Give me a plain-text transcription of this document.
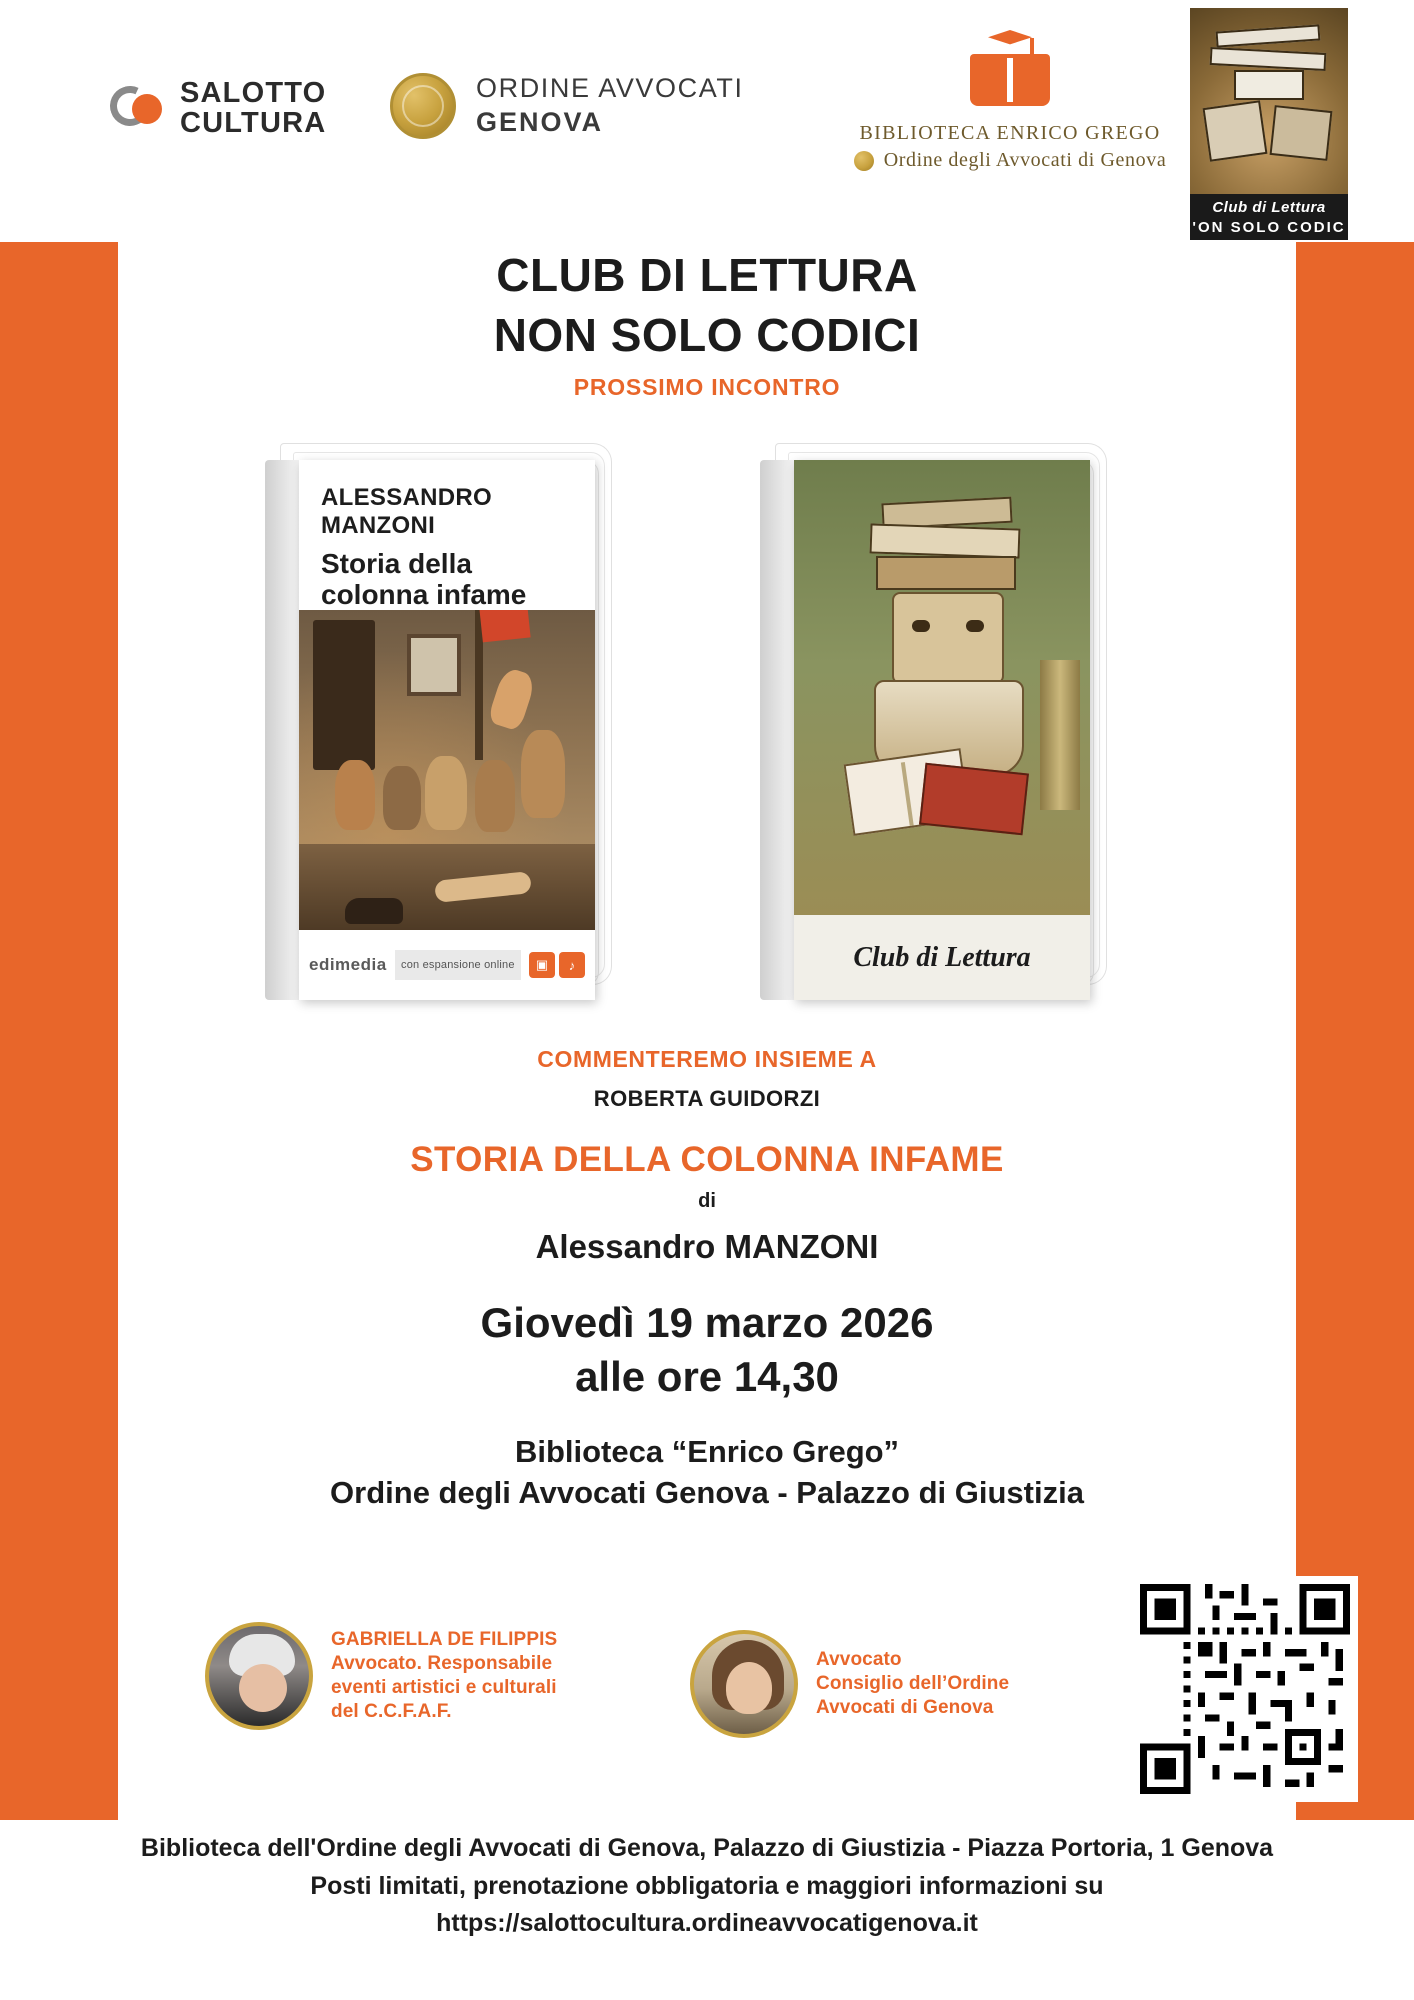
SALOTTO
CULTURA
ORDINE AVVOCATI
GENOVA	BIBLIOTECA ENRICO GREGO
Ordine degli Avvocati di Genova
Club di Lettura
'ON SOLO CODIC
CLUB DI LETTURA
NON SOLO CODICI
PROSSIMO INCONTRO
ALESSANDRO MANZONI
Storia della
colonna infame
edimedia	con espansione online	▣	♪	Club di Lettura
COMMENTEREMO INSIEME A
ROBERTA GUIDORZI
STORIA DELLA COLONNA INFAME
di
Alessandro MANZONI
Giovedì 19 marzo 2026
alle ore 14,30
Biblioteca “Enrico Grego”
Ordine degli Avvocati Genova - Palazzo di Giustizia
GABRIELLA DE FILIPPIS
Avvocato. Responsabile
eventi artistici e culturali
del C.C.F.A.F.
Avvocato
Consiglio dell’Ordine
Avvocati di Genova
Biblioteca dell'Ordine degli Avvocati di Genova, Palazzo di Giustizia - Piazza Portoria, 1 Genova
Posti limitati, prenotazione obbligatoria e maggiori informazioni su
https://salottocultura.ordineavvocatigenova.it
